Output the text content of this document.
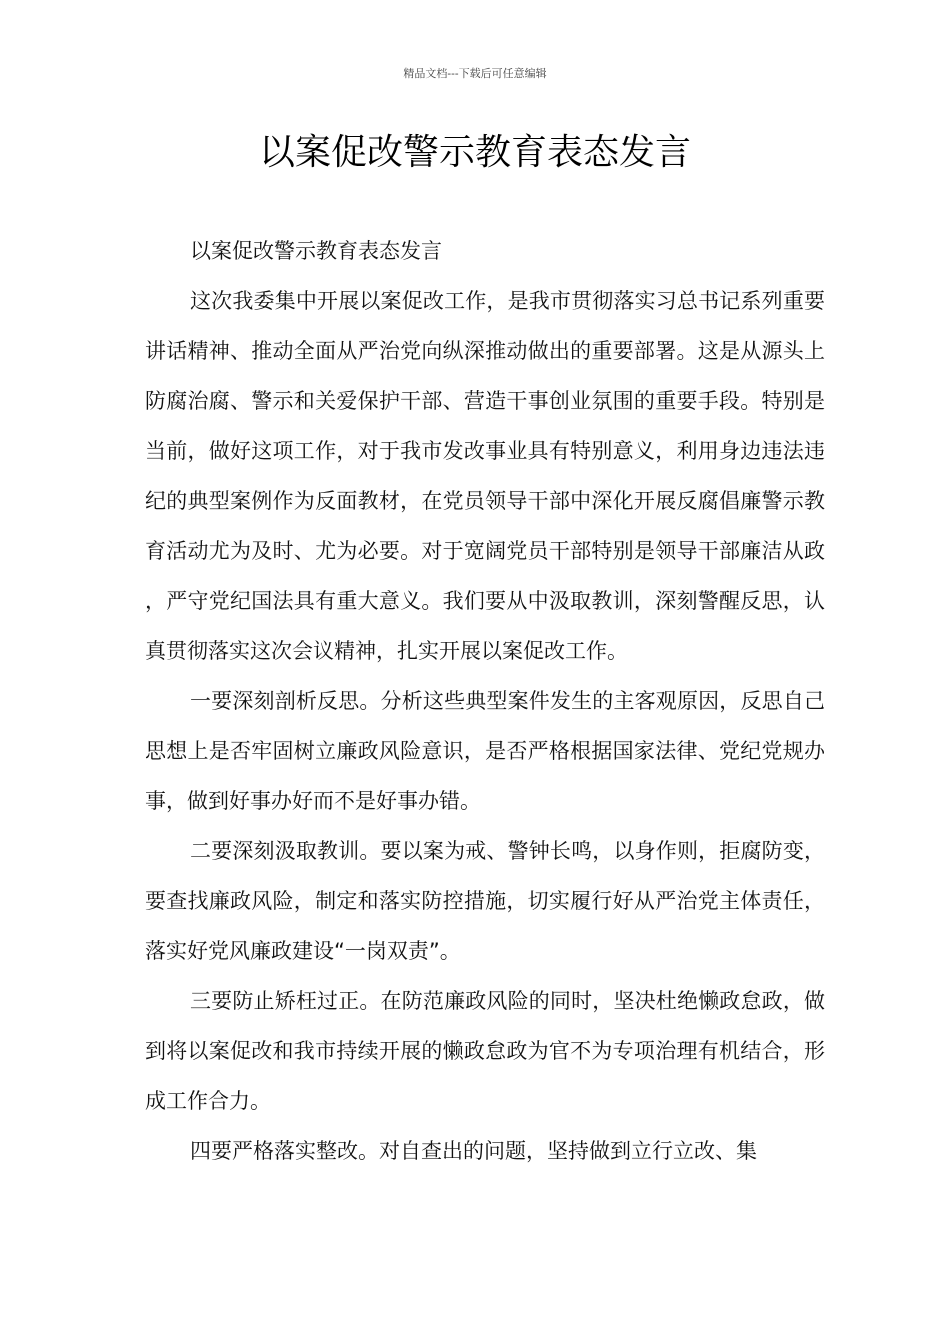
精品文档---下载后可任意编辑
以案促改警示教育表态发言

以案促改警示教育表态发言

这次我委集中开展以案促改工作，是我市贯彻落实习总书记系列重要讲话精神、推动全面从严治党向纵深推动做出的重要部署。这是从源头上防腐治腐、警示和关爱保护干部、营造干事创业氛围的重要手段。特别是当前，做好这项工作，对于我市发改事业具有特别意义，利用身边违法违纪的典型案例作为反面教材，在党员领导干部中深化开展反腐倡廉警示教育活动尤为及时、尤为必要。对于宽阔党员干部特别是领导干部廉洁从政，严守党纪国法具有重大意义。我们要从中汲取教训，深刻警醒反思，认真贯彻落实这次会议精神，扎实开展以案促改工作。

一要深刻剖析反思。分析这些典型案件发生的主客观原因，反思自己思想上是否牢固树立廉政风险意识，是否严格根据国家法律、党纪党规办事，做到好事办好而不是好事办错。

二要深刻汲取教训。要以案为戒、警钟长鸣，以身作则，拒腐防变，要查找廉政风险，制定和落实防控措施，切实履行好从严治党主体责任，落实好党风廉政建设“一岗双责”。

三要防止矫枉过正。在防范廉政风险的同时，坚决杜绝懒政怠政，做到将以案促改和我市持续开展的懒政怠政为官不为专项治理有机结合，形成工作合力。

四要严格落实整改。对自查出的问题，坚持做到立行立改、集
